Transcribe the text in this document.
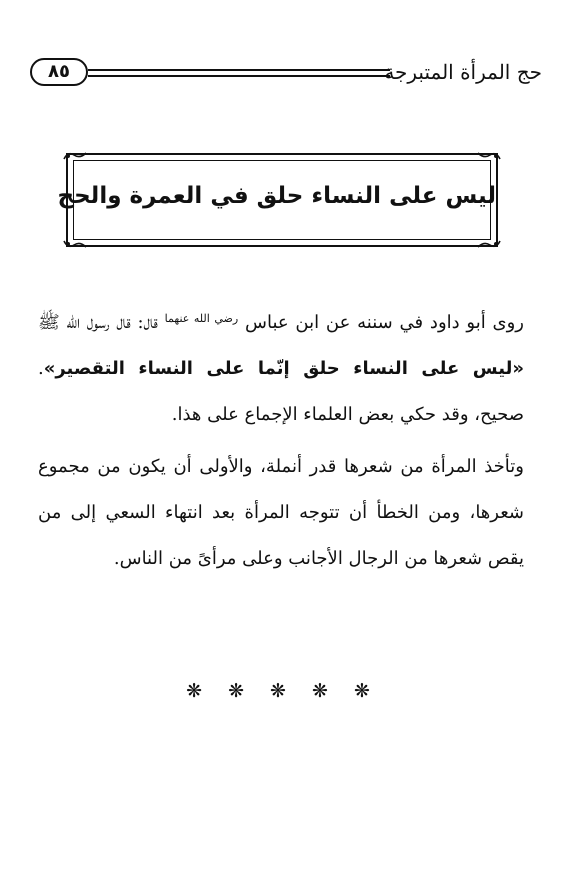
حج المرأة المتبرجة
٨٥
ليس على النساء حلق في العمرة والحج

روى أبو داود في سننه عن ابن عباس $^{رضي الله عنهما}$ قال: قال رسول الله ﷺ «ليس على النساء حلق إنّما على النساء التقصير». صحيح، وقد حكي بعض العلماء الإجماع على هذا.

وتأخذ المرأة من شعرها قدر أنملة، والأولى أن يكون من مجموع شعرها، ومن الخطأ أن تتوجه المرأة بعد انتهاء السعي إلى من يقص شعرها من الرجال الأجانب وعلى مرأىً من الناس.

❋ ❋ ❋ ❋ ❋
